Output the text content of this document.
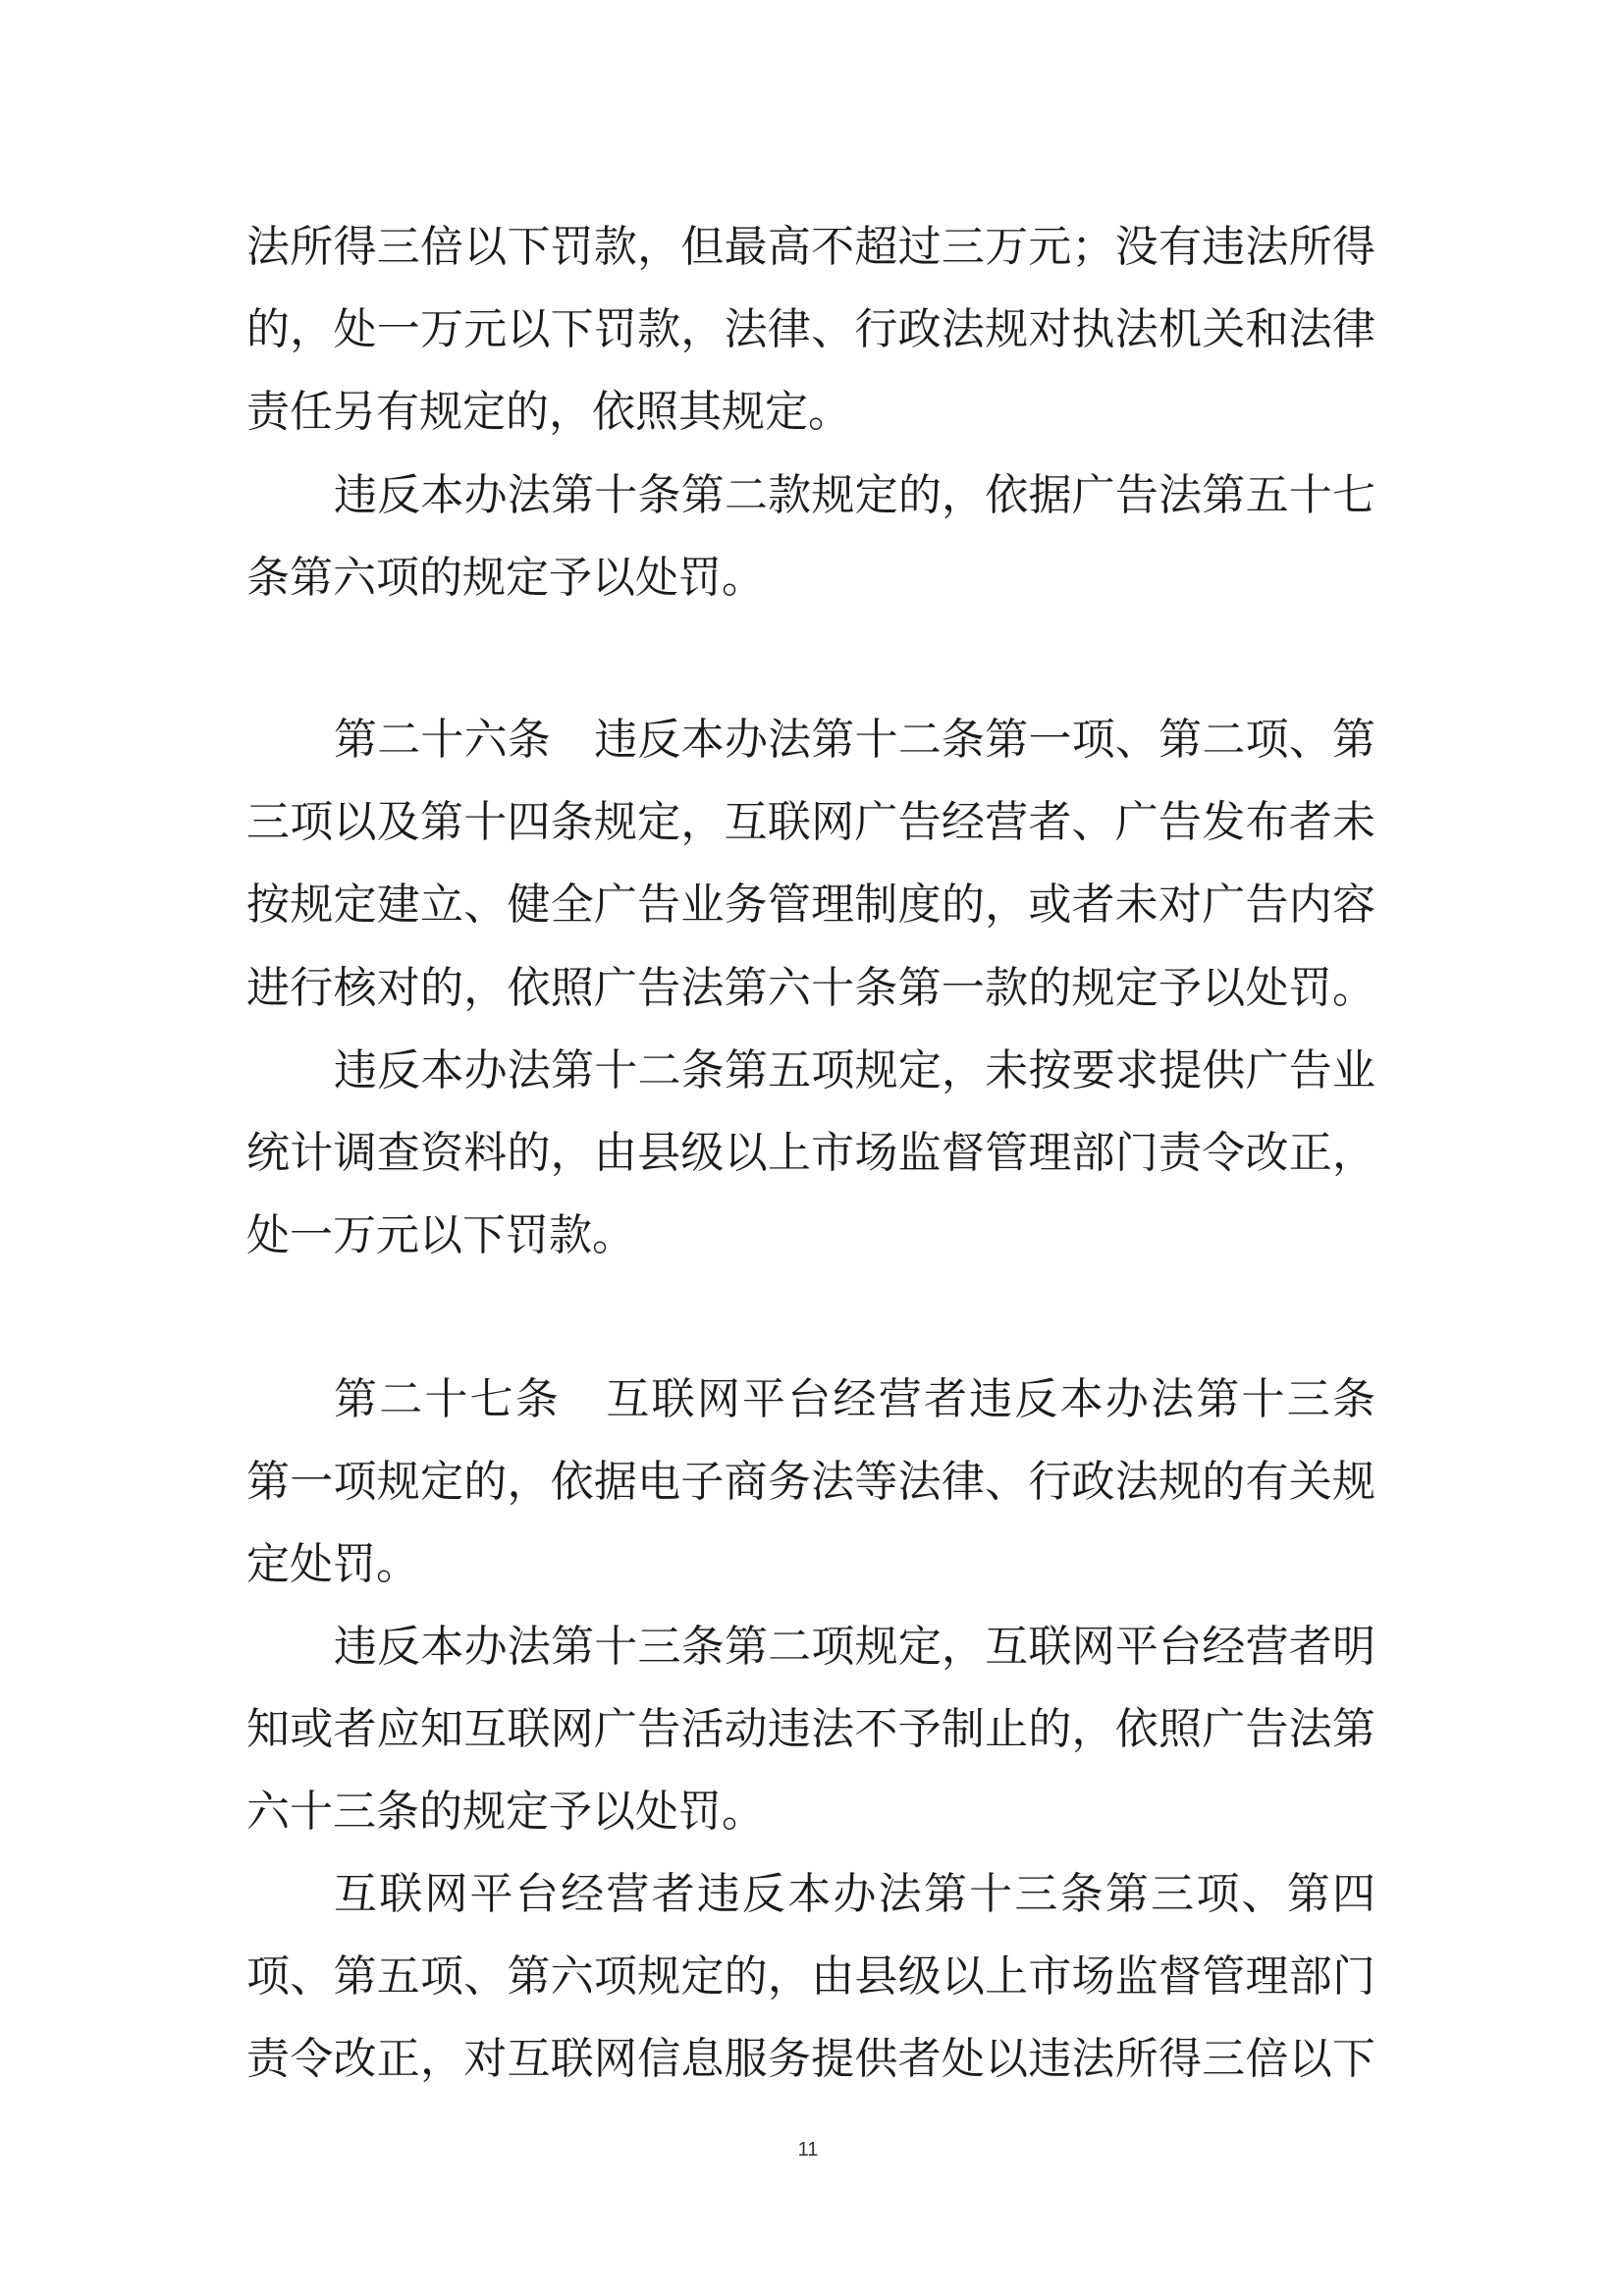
法所得三倍以下罚款，但最高不超过三万元；没有违法所得
的，处一万元以下罚款，法律、行政法规对执法机关和法律
责任另有规定的，依照其规定。
违反本办法第十条第二款规定的，依据广告法第五十七
条第六项的规定予以处罚。
第二十六条　违反本办法第十二条第一项、第二项、第
三项以及第十四条规定，互联网广告经营者、广告发布者未
按规定建立、健全广告业务管理制度的，或者未对广告内容
进行核对的，依照广告法第六十条第一款的规定予以处罚。
违反本办法第十二条第五项规定，未按要求提供广告业
统计调查资料的，由县级以上市场监督管理部门责令改正，
处一万元以下罚款。
第二十七条　互联网平台经营者违反本办法第十三条
第一项规定的，依据电子商务法等法律、行政法规的有关规
定处罚。
违反本办法第十三条第二项规定，互联网平台经营者明
知或者应知互联网广告活动违法不予制止的，依照广告法第
六十三条的规定予以处罚。
互联网平台经营者违反本办法第十三条第三项、第四
项、第五项、第六项规定的，由县级以上市场监督管理部门
责令改正，对互联网信息服务提供者处以违法所得三倍以下
11
